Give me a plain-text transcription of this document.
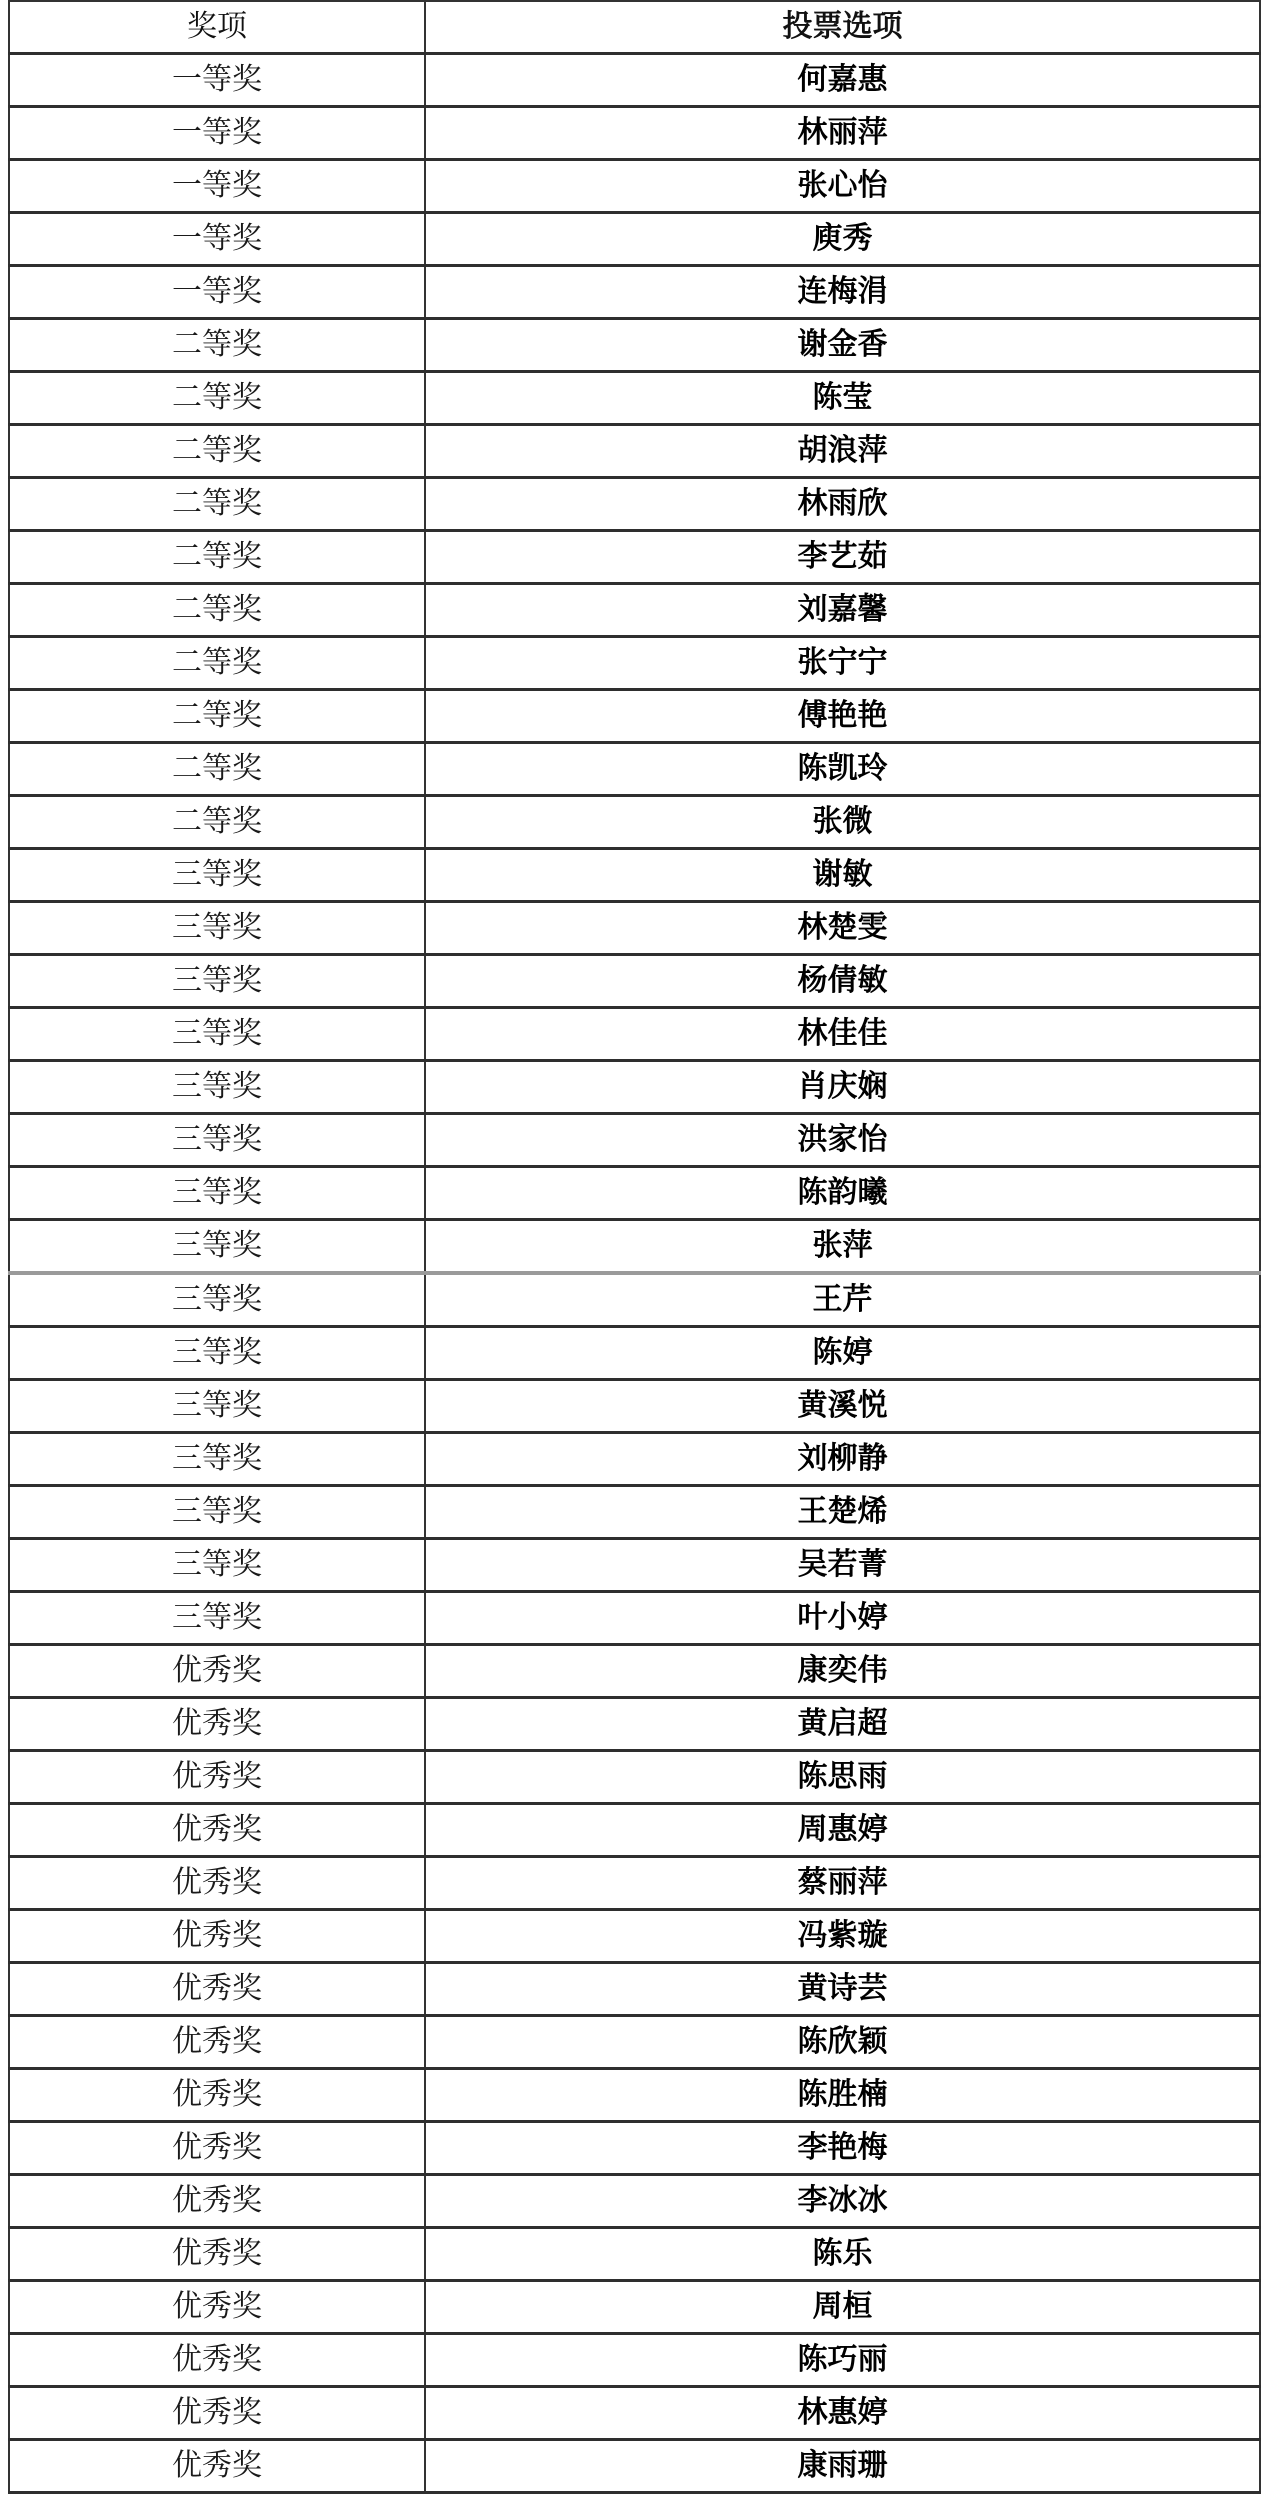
奖项	投票选项
一等奖	何嘉惠
一等奖	林丽萍
一等奖	张心怡
一等奖	庾秀
一等奖	连梅涓
二等奖	谢金香
二等奖	陈莹
二等奖	胡浪萍
二等奖	林雨欣
二等奖	李艺茹
二等奖	刘嘉馨
二等奖	张宁宁
二等奖	傅艳艳
二等奖	陈凯玲
二等奖	张微
三等奖	谢敏
三等奖	林楚雯
三等奖	杨倩敏
三等奖	林佳佳
三等奖	肖庆娴
三等奖	洪家怡
三等奖	陈韵曦
三等奖	张萍
三等奖	王芹
三等奖	陈婷
三等奖	黄溪悦
三等奖	刘柳静
三等奖	王楚烯
三等奖	吴若菁
三等奖	叶小婷
优秀奖	康奕伟
优秀奖	黄启超
优秀奖	陈思雨
优秀奖	周惠婷
优秀奖	蔡丽萍
优秀奖	冯紫璇
优秀奖	黄诗芸
优秀奖	陈欣颖
优秀奖	陈胜楠
优秀奖	李艳梅
优秀奖	李冰冰
优秀奖	陈乐
优秀奖	周桓
优秀奖	陈巧丽
优秀奖	林惠婷
优秀奖	康雨珊
